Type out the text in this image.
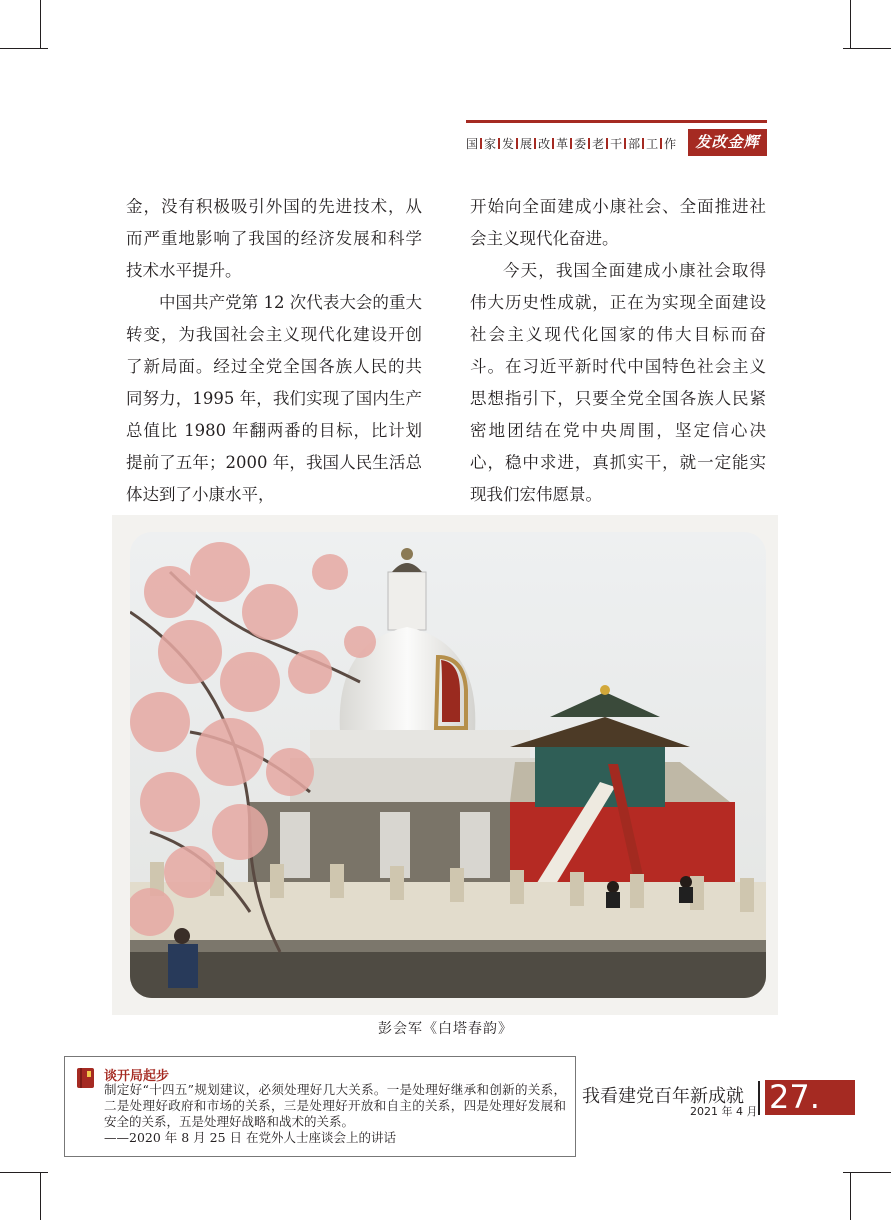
国 家 发 展 改 革 委 老 干 部 工 作	发改金辉

金，没有积极吸引外国的先进技术，从而严重地影响了我国的经济发展和科学技术水平提升。

中国共产党第 12 次代表大会的重大转变，为我国社会主义现代化建设开创了新局面。经过全党全国各族人民的共同努力，1995 年，我们实现了国内生产总值比 1980 年翻两番的目标，比计划提前了五年；2000 年，我国人民生活总体达到了小康水平，

开始向全面建成小康社会、全面推进社会主义现代化奋进。

今天，我国全面建成小康社会取得伟大历史性成就，正在为实现全面建设社会主义现代化国家的伟大目标而奋斗。在习近平新时代中国特色社会主义思想指引下，只要全党全国各族人民紧密地团结在党中央周围，坚定信心决心，稳中求进，真抓实干，就一定能实现我们宏伟愿景。

彭会军《白塔春韵》
谈开局起步

制定好“十四五”规划建议，必须处理好几大关系。一是处理好继承和创新的关系，二是处理好政府和市场的关系，三是处理好开放和自主的关系，四是处理好发展和安全的关系，五是处理好战略和战术的关系。

——2020 年 8 月 25 日 在党外人士座谈会上的讲话

我看建党百年新成就
2021 年 4 月 27.
